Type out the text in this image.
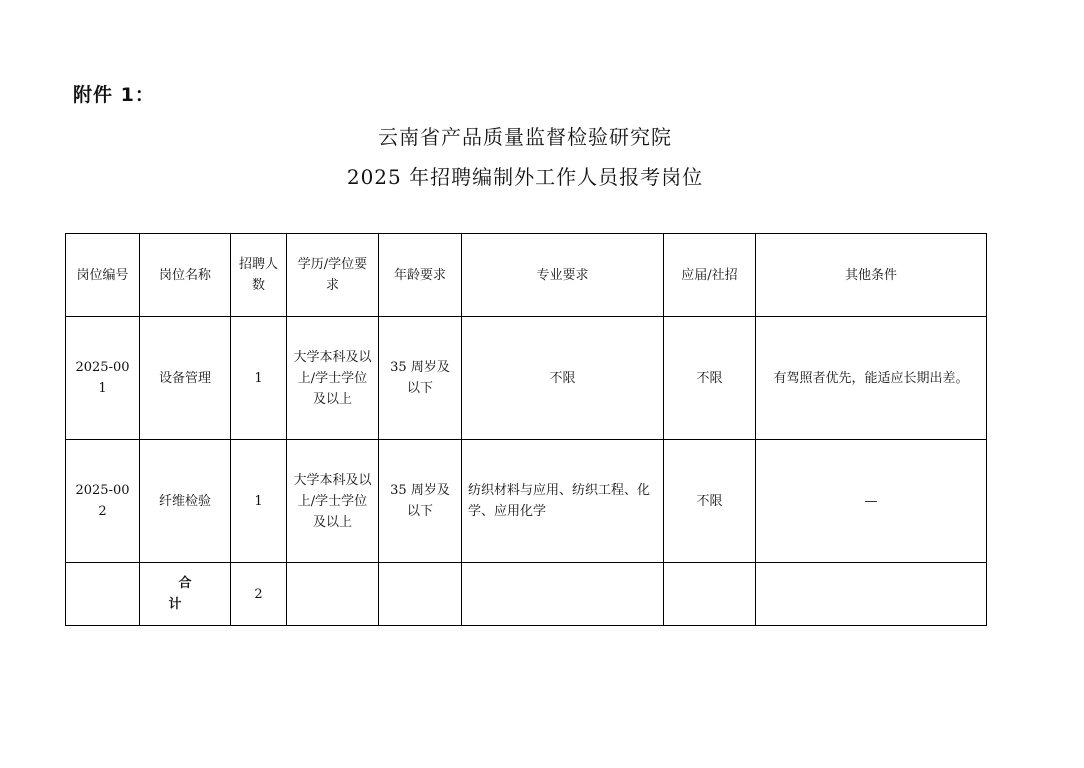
附件 1：
云南省产品质量监督检验研究院
2025 年招聘编制外工作人员报考岗位
岗位编号	岗位名称	招聘人数	学历/学位要求	年龄要求	专业要求	应届/社招	其他条件
2025-001	设备管理	1	大学本科及以上/学士学位及以上	35 周岁及以下	不限	不限	有驾照者优先，能适应长期出差。
2025-002	纤维检验	1	大学本科及以上/学士学位及以上	35 周岁及以下	纺织材料与应用、纺织工程、化学、应用化学	不限	—
	合计	2					
